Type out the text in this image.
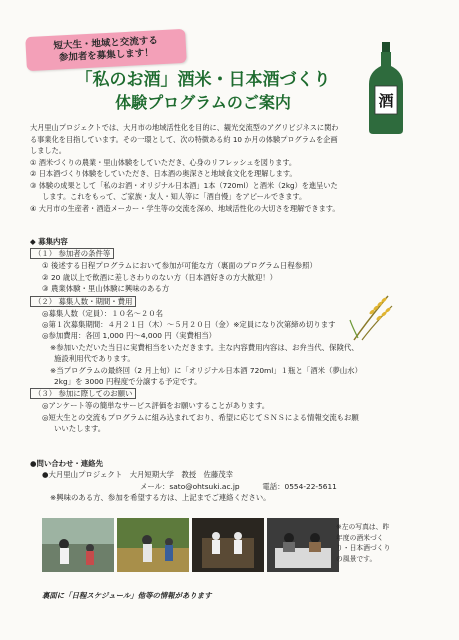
短大生・地域と交流する
参加者を募集します！
「私のお酒」酒米・日本酒づくり
体験プログラムのご案内	酒

大月里山プロジェクトでは、大月市の地域活性化を目的に、観光交流型のアグリビジネスに関わ

る事業化を目指しています。その一環として、次の特徴ある約 10 か月の体験プログラムを企画

しました。

① 酒米づくりの農業・里山体験をしていただき、心身のリフレッシュを図ります。

② 日本酒づくり体験をしていただき、日本酒の奥深さと地域食文化を理解します。

③ 体験の成果として「私のお酒・オリジナル日本酒」1本（720ml）と酒米（2kg）を進呈いた

します。これをもって、ご家族・友人・知人等に「酒自慢」をアピールできます。

④ 大月市の生産者・酒造メーカー・学生等の交流を深め、地域活性化の大切さを理解できます。

◆ 募集内容

（１） 参加者の条件等

① 後述する日程プログラムにおいて参加が可能な方（裏面のプログラム日程参照）

② 20 歳以上で飲酒に差しさわりのない方（日本酒好きの方大歓迎！）

③ 農業体験・里山体験に興味のある方

（２） 募集人数・期間・費用

◎募集人数（定員）：１０名～２０名

◎第１次募集期間：４月２１日（木）～５月２０日（金）※定員になり次第締め切ります

◎参加費用：各回 1,000 円～4,000 円（実費相当）

※参加いただいた当日に実費相当をいただきます。主な内容費用内容は、お弁当代、保険代、

施設利用代であります。

※当プログラムの最終回（2 月上旬）に「オリジナル日本酒 720ml」１瓶と「酒米（夢山水）

2kg」を 3000 円程度で分譲する予定です。

（３） 参加に際してのお願い

◎アンケート等の簡単なサービス評価をお願いすることがあります。

◎短大生との交流もプログラムに組み込まれており、希望に応じてＳＮＳによる情報交流もお願

いいたします。

●問い合わせ・連絡先

●大月里山プロジェクト　大月短期大学　教授　佐藤茂幸

メール：sato@ohtsuki.ac.jp	電話：0554-22-5611

※興味のある方、参加を希望する方は、上記までご連絡ください。

※左の写真は、昨

年度の酒米づく

り・日本酒づくり

の風景です。

裏面に「日程スケジュール」他等の情報があります
